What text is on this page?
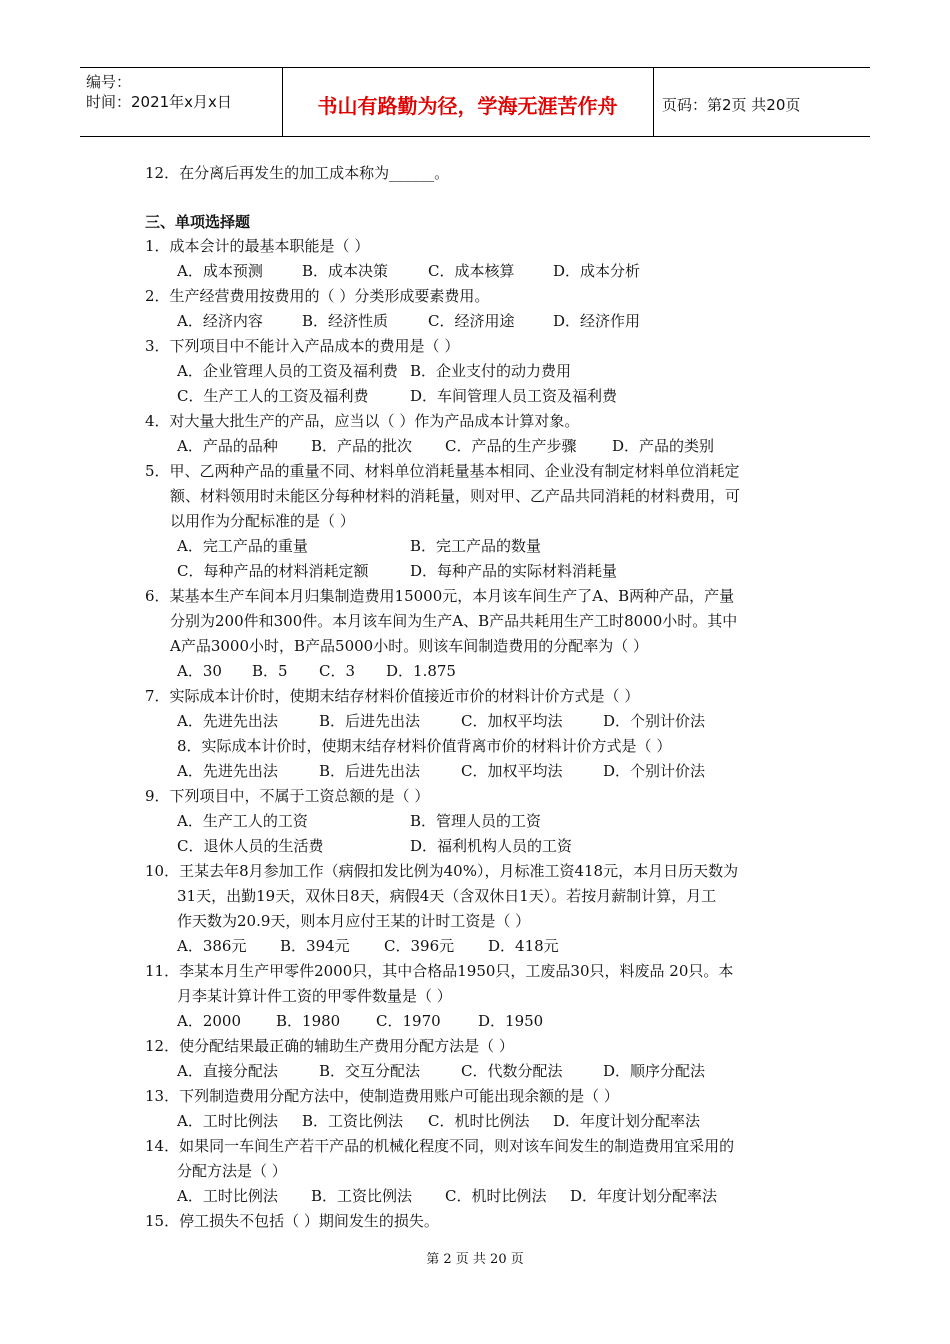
编号：
时间：2021年x月x日	书山有路勤为径，学海无涯苦作舟	页码：第2页 共20页
12．在分离后再发生的加工成本称为______。
三、单项选择题
1．成本会计的最基本职能是（ ）
A．成本预测	B．成本决策	C．成本核算	D．成本分析
2．生产经营费用按费用的（ ）分类形成要素费用。
A．经济内容	B．经济性质	C．经济用途	D．经济作用
3．下列项目中不能计入产品成本的费用是（ ）
A．企业管理人员的工资及福利费 B．企业支付的动力费用
C．生产工人的工资及福利费	D．车间管理人员工资及福利费
4．对大量大批生产的产品，应当以（ ）作为产品成本计算对象。
A．产品的品种 B．产品的批次 C．产品的生产步骤 D．产品的类别
5．甲、乙两种产品的重量不同、材料单位消耗量基本相同、企业没有制定材料单位消耗定
额、材料领用时未能区分每种材料的消耗量，则对甲、乙产品共同消耗的材料费用，可
以用作为分配标准的是（ ）
A．完工产品的重量	B．完工产品的数量
C．每种产品的材料消耗定额	D．每种产品的实际材料消耗量
6．某基本生产车间本月归集制造费用15000元，本月该车间生产了A、B两种产品，产量
分别为200件和300件。本月该车间为生产A、B产品共耗用生产工时8000小时。其中
A产品3000小时，B产品5000小时。则该车间制造费用的分配率为（ ）
A．30 B．5 C．3 D．1.875
7．实际成本计价时，使期末结存材料价值接近市价的材料计价方式是（ ）
A．先进先出法	B．后进先出法	C．加权平均法	D．个别计价法
8．实际成本计价时，使期末结存材料价值背离市价的材料计价方式是（ ）
A．先进先出法	B．后进先出法	C．加权平均法	D．个别计价法
9．下列项目中，不属于工资总额的是（ ）
A．生产工人的工资	B．管理人员的工资
C．退休人员的生活费	D．福利机构人员的工资
10．王某去年8月参加工作（病假扣发比例为40%），月标准工资418元，本月日历天数为
31天，出勤19天，双休日8天，病假4天（含双休日1天）。若按月薪制计算，月工
作天数为20.9天，则本月应付王某的计时工资是（ ）
A．386元 B．394元 C．396元 D．418元
11．李某本月生产甲零件2000只，其中合格品1950只，工废品30只，料废品 20只。本
月李某计算计件工资的甲零件数量是（ ）
A．2000 B．1980 C．1970 D．1950
12．使分配结果最正确的辅助生产费用分配方法是（ ）
A．直接分配法	B．交互分配法	C．代数分配法	D．顺序分配法
13．下列制造费用分配方法中，使制造费用账户可能出现余额的是（ ）
A．工时比例法 B．工资比例法 C．机时比例法 D．年度计划分配率法
14．如果同一车间生产若干产品的机械化程度不同，则对该车间发生的制造费用宜采用的
分配方法是（ ）
A．工时比例法 B．工资比例法 C．机时比例法 D．年度计划分配率法
15．停工损失不包括（ ）期间发生的损失。
第 2 页 共 20 页
